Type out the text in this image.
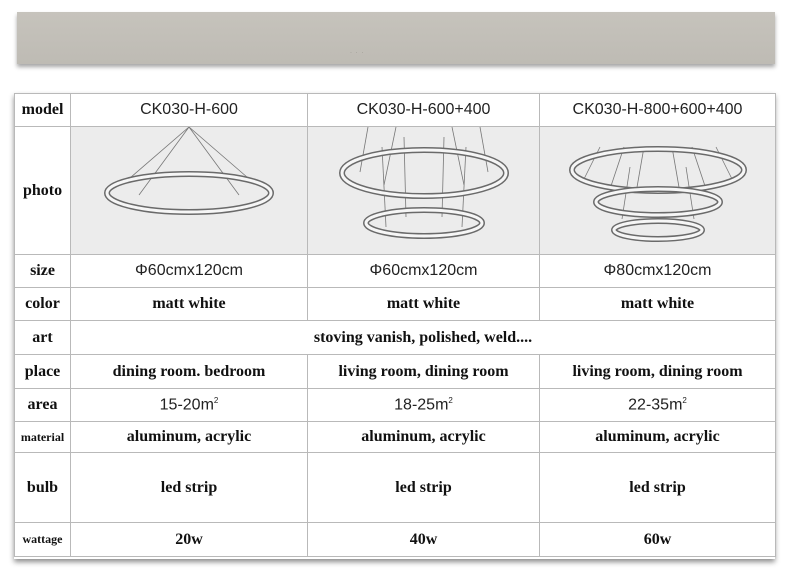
· · ·
model	CK030-H-600	CK030-H-600+400	CK030-H-800+600+400
photo	

size	Φ60cmx120cm	Φ60cmx120cm	Φ80cmx120cm
color	matt white	matt white	matt white
art	stoving vanish, polished, weld....		
place	dining room. bedroom	living room, dining room	living room, dining room
area	$15-20m^2$	$18-25m^2$	$22-35m^2$
material	aluminum, acrylic	aluminum, acrylic	aluminum, acrylic
bulb	led strip	led strip	led strip
wattage	20w	40w	60w
